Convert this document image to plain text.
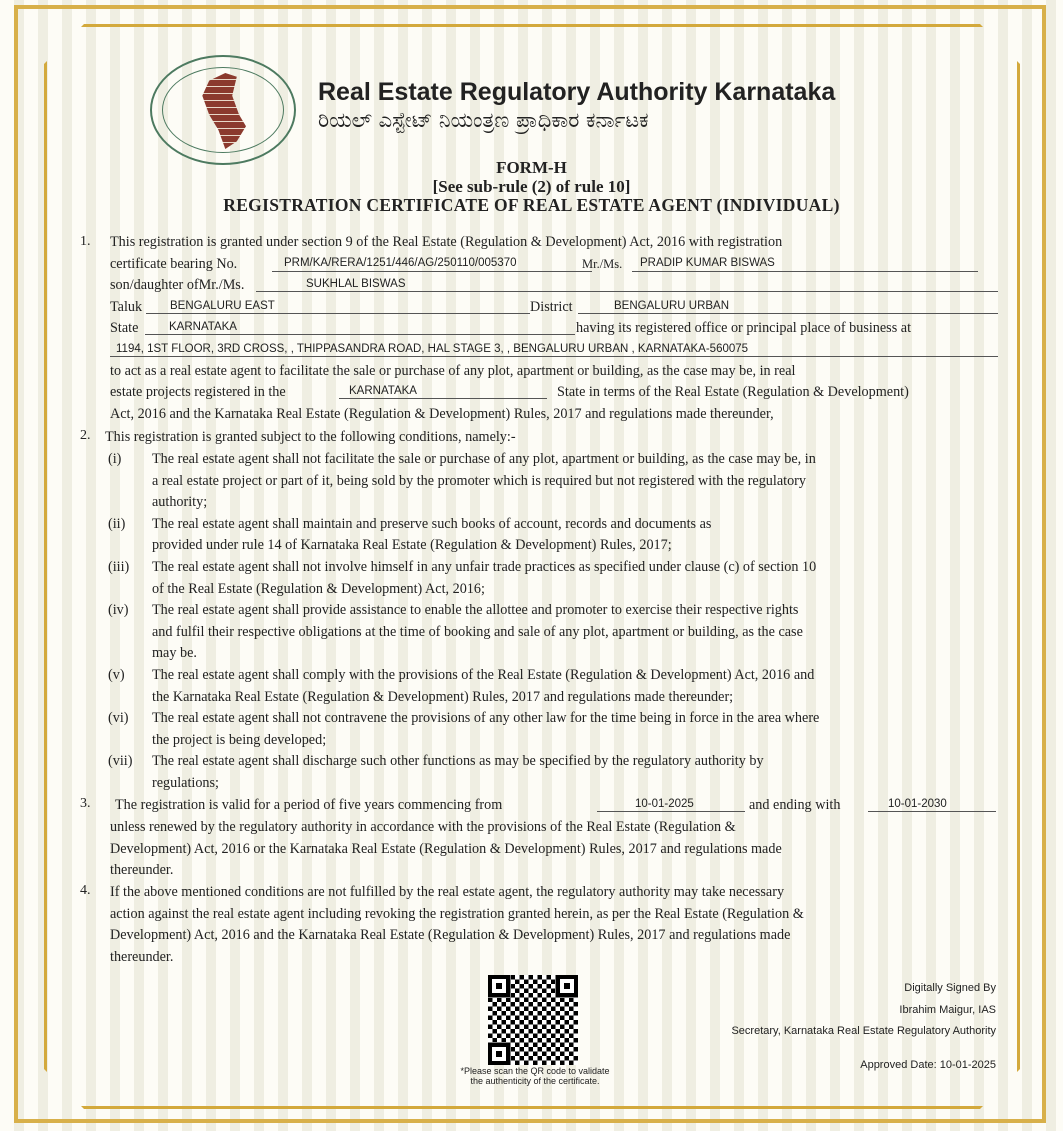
Real Estate Regulatory Authority Karnataka
ರಿಯಲ್ ಎಸ್ಟೇಟ್ ನಿಯಂತ್ರಣ ಪ್ರಾಧಿಕಾರ ಕರ್ನಾಟಕ
FORM-H
[See sub-rule (2) of rule 10]
REGISTRATION CERTIFICATE OF REAL ESTATE AGENT (INDIVIDUAL)
1. This registration is granted under section 9 of the Real Estate (Regulation & Development) Act, 2016 with registration
certificate bearing No.	PRM/KA/RERA/1251/446/AG/250110/005370	Mr./Ms.	PRADIP KUMAR BISWAS
son/daughter ofMr./Ms.	SUKHLAL BISWAS
Taluk	BENGALURU EAST	District	BENGALURU URBAN
State	KARNATAKA	having its registered office or principal place of business at
1194, 1ST FLOOR, 3RD CROSS, , THIPPASANDRA ROAD, HAL STAGE 3, , BENGALURU URBAN , KARNATAKA-560075
to act as a real estate agent to facilitate the sale or purchase of any plot, apartment or building, as the case may be, in real
estate projects registered in the	KARNATAKA	State in terms of the Real Estate (Regulation & Development)
Act, 2016 and the Karnataka Real Estate (Regulation & Development) Rules, 2017 and regulations made thereunder,
2. This registration is granted subject to the following conditions, namely:-
(i) The real estate agent shall not facilitate the sale or purchase of any plot, apartment or building, as the case may be, in
a real estate project or part of it, being sold by the promoter which is required but not registered with the regulatory
authority;
(ii) The real estate agent shall maintain and preserve such books of account, records and documents as
provided under rule 14 of Karnataka Real Estate (Regulation & Development) Rules, 2017;
(iii) The real estate agent shall not involve himself in any unfair trade practices as specified under clause (c) of section 10
of the Real Estate (Regulation & Development) Act, 2016;
(iv) The real estate agent shall provide assistance to enable the allottee and promoter to exercise their respective rights
and fulfil their respective obligations at the time of booking and sale of any plot, apartment or building, as the case
may be.
(v) The real estate agent shall comply with the provisions of the Real Estate (Regulation & Development) Act, 2016 and
the Karnataka Real Estate (Regulation & Development) Rules, 2017 and regulations made thereunder;
(vi) The real estate agent shall not contravene the provisions of any other law for the time being in force in the area where
the project is being developed;
(vii) The real estate agent shall discharge such other functions as may be specified by the regulatory authority by
regulations;
3. The registration is valid for a period of five years commencing from	10-01-2025	and ending with	10-01-2030
unless renewed by the regulatory authority in accordance with the provisions of the Real Estate (Regulation &
Development) Act, 2016 or the Karnataka Real Estate (Regulation & Development) Rules, 2017 and regulations made
thereunder.
4. If the above mentioned conditions are not fulfilled by the real estate agent, the regulatory authority may take necessary
action against the real estate agent including revoking the registration granted herein, as per the Real Estate (Regulation &
Development) Act, 2016 and the Karnataka Real Estate (Regulation & Development) Rules, 2017 and regulations made
thereunder.
*Please scan the QR code to validate
the authenticity of the certificate.
Digitally Signed By
Ibrahim Maigur, IAS
Secretary, Karnataka Real Estate Regulatory Authority
Approved Date: 10-01-2025
